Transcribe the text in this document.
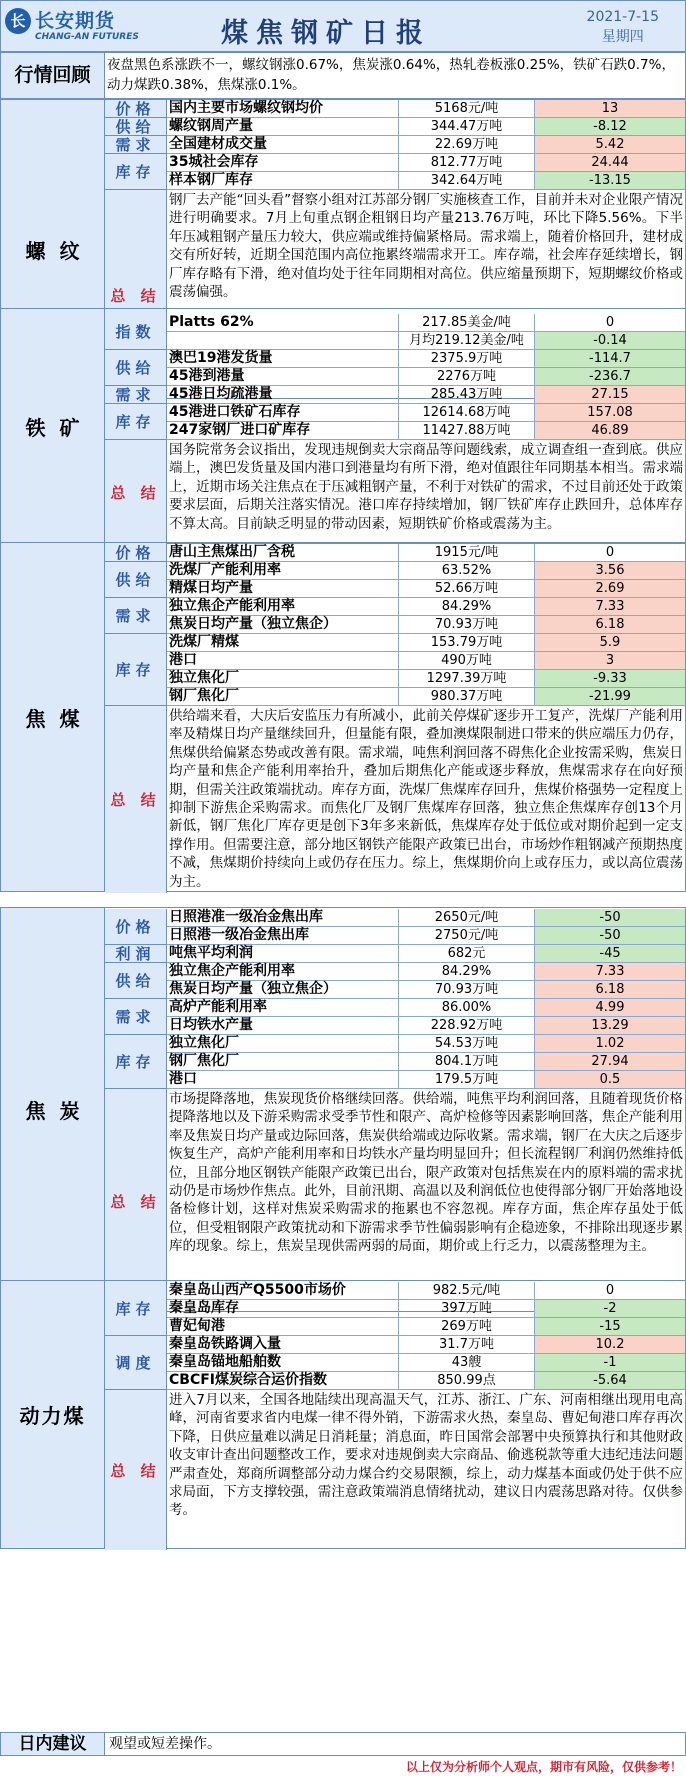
长 长安期货
CHANG-AN FUTURES	煤焦钢矿日报
2021-7-15
星期四
行情回顾	夜盘黑色系涨跌不一，螺纹钢涨0.67%，焦炭涨0.64%，热轧卷板涨0.25%，铁矿石跌0.7%，动力煤跌0.38%，焦煤涨0.1%。
螺纹
价格 国内主要市场螺纹钢均价	5168元/吨	13
供给 螺纹钢周产量	344.47万吨	-8.12
需求 全国建材成交量	22.69万吨	5.42
库存
35城社会库存	812.77万吨	24.44
样本钢厂库存	342.64万吨	-13.15
总 结
钢厂去产能“回头看”督察小组对江苏部分钢厂实施核查工作，目前并未对企业限产情况进行明确要求。7月上旬重点钢企粗钢日均产量213.76万吨，环比下降5.56%。下半年压减粗钢产量压力较大，供应端或维持偏紧格局。需求端上，随着价格回升，建材成交有所好转，近期全国范围内高位拖累终端需求开工。库存端，社会库存延续增长，钢厂库存略有下滑，绝对值均处于往年同期相对高位。供应缩量预期下，短期螺纹价格或震荡偏强。
铁矿
指数
Platts 62%	217.85美金/吨	0
月均219.12美金/吨	-0.14
供给
澳巴19港发货量	2375.9万吨	-114.7
45港到港量	2276万吨	-236.7
需求 45港日均疏港量	285.43万吨	27.15
库存
45港进口铁矿石库存	12614.68万吨	157.08
247家钢厂进口矿库存	11427.88万吨	46.89
总 结
国务院常务会议指出，发现违规倒卖大宗商品等问题线索，成立调查组一查到底。供应端上，澳巴发货量及国内港口到港量均有所下滑，绝对值跟往年同期基本相当。需求端上，近期市场关注焦点在于压减粗钢产量，不利于对铁矿的需求，不过目前还处于政策要求层面，后期关注落实情况。港口库存持续增加，钢厂铁矿库存止跌回升，总体库存不算太高。目前缺乏明显的带动因素，短期铁矿价格或震荡为主。
焦煤
价格 唐山主焦煤出厂含税	1915元/吨	0
供给
洗煤厂产能利用率	63.52%	3.56
精煤日均产量	52.66万吨	2.69
需求
独立焦企产能利用率	84.29%	7.33
焦炭日均产量（独立焦企）	70.93万吨	6.18
库存
洗煤厂精煤	153.79万吨	5.9
港口	490万吨	3
独立焦化厂	1297.39万吨	-9.33
钢厂焦化厂	980.37万吨	-21.99
总 结
供给端来看，大庆后安监压力有所减小，此前关停煤矿逐步开工复产，洗煤厂产能利用率及精煤日均产量继续回升，但量能有限，叠加澳煤限制进口带来的供应端压力仍存，焦煤供给偏紧态势或改善有限。需求端，吨焦利润回落不碍焦化企业按需采购，焦炭日均产量和焦企产能利用率抬升，叠加后期焦化产能或逐步释放，焦煤需求存在向好预期，但需关注政策端扰动。库存方面，洗煤厂焦煤库存回升，焦煤价格强势一定程度上抑制下游焦企采购需求。而焦化厂及钢厂焦煤库存回落，独立焦企焦煤库存创13个月新低，钢厂焦化厂库存更是创下3年多来新低，焦煤库存处于低位或对期价起到一定支撑作用。但需要注意，部分地区钢铁产能限产政策已出台，市场炒作粗钢减产预期热度不减，焦煤期价持续向上或仍存在压力。综上，焦煤期价向上或存压力，或以高位震荡为主。
焦炭
价格
日照港准一级冶金焦出库	2650元/吨	-50
日照港一级冶金焦出库	2750元/吨	-50
利润 吨焦平均利润	682元	-45
供给
独立焦企产能利用率	84.29%	7.33
焦炭日均产量（独立焦企）	70.93万吨	6.18
需求
高炉产能利用率	86.00%	4.99
日均铁水产量	228.92万吨	13.29
库存
独立焦化厂	54.53万吨	1.02
钢厂焦化厂	804.1万吨	27.94
港口	179.5万吨	0.5
总 结
市场提降落地，焦炭现货价格继续回落。供给端，吨焦平均利润回落，且随着现货价格提降落地以及下游采购需求受季节性和限产、高炉检修等因素影响回落，焦企产能利用率及焦炭日均产量或边际回落，焦炭供给端或边际收紧。需求端，钢厂在大庆之后逐步恢复生产，高炉产能利用率和日均铁水产量均明显回升；但长流程钢厂利润仍然维持低位，且部分地区钢铁产能限产政策已出台，限产政策对包括焦炭在内的原料端的需求扰动仍是市场炒作焦点。此外，目前汛期、高温以及利润低位也使得部分钢厂开始落地设备检修计划，这样对焦炭采购需求的拖累也不容忽视。库存方面，焦企库存虽处于低位，但受粗钢限产政策扰动和下游需求季节性偏弱影响有企稳迹象，不排除出现逐步累库的现象。综上，焦炭呈现供需两弱的局面，期价或上行乏力，以震荡整理为主。
动力煤
库存
秦皇岛山西产Q5500市场价	982.5元/吨	0
秦皇岛库存	397万吨	-2
曹妃甸港	269万吨	-15
调度
秦皇岛铁路调入量	31.7万吨	10.2
秦皇岛锚地船舶数	43艘	-1
CBCFI煤炭综合运价指数	850.99点	-5.64
总 结
进入7月以来，全国各地陆续出现高温天气，江苏、浙江、广东、河南相继出现用电高峰，河南省要求省内电煤一律不得外销，下游需求火热，秦皇岛、曹妃甸港口库存再次下降，日供应量难以满足日消耗量；消息面，昨日国常会部署中央预算执行和其他财政收支审计查出问题整改工作，要求对违规倒卖大宗商品、偷逃税款等重大违纪违法问题严肃查处，郑商所调整部分动力煤合约交易限额，综上，动力煤基本面或仍处于供不应求局面，下方支撑较强，需注意政策端消息情绪扰动，建议日内震荡思路对待。仅供参考。
日内建议	观望或短差操作。
以上仅为分析师个人观点，期市有风险，仅供参考！
